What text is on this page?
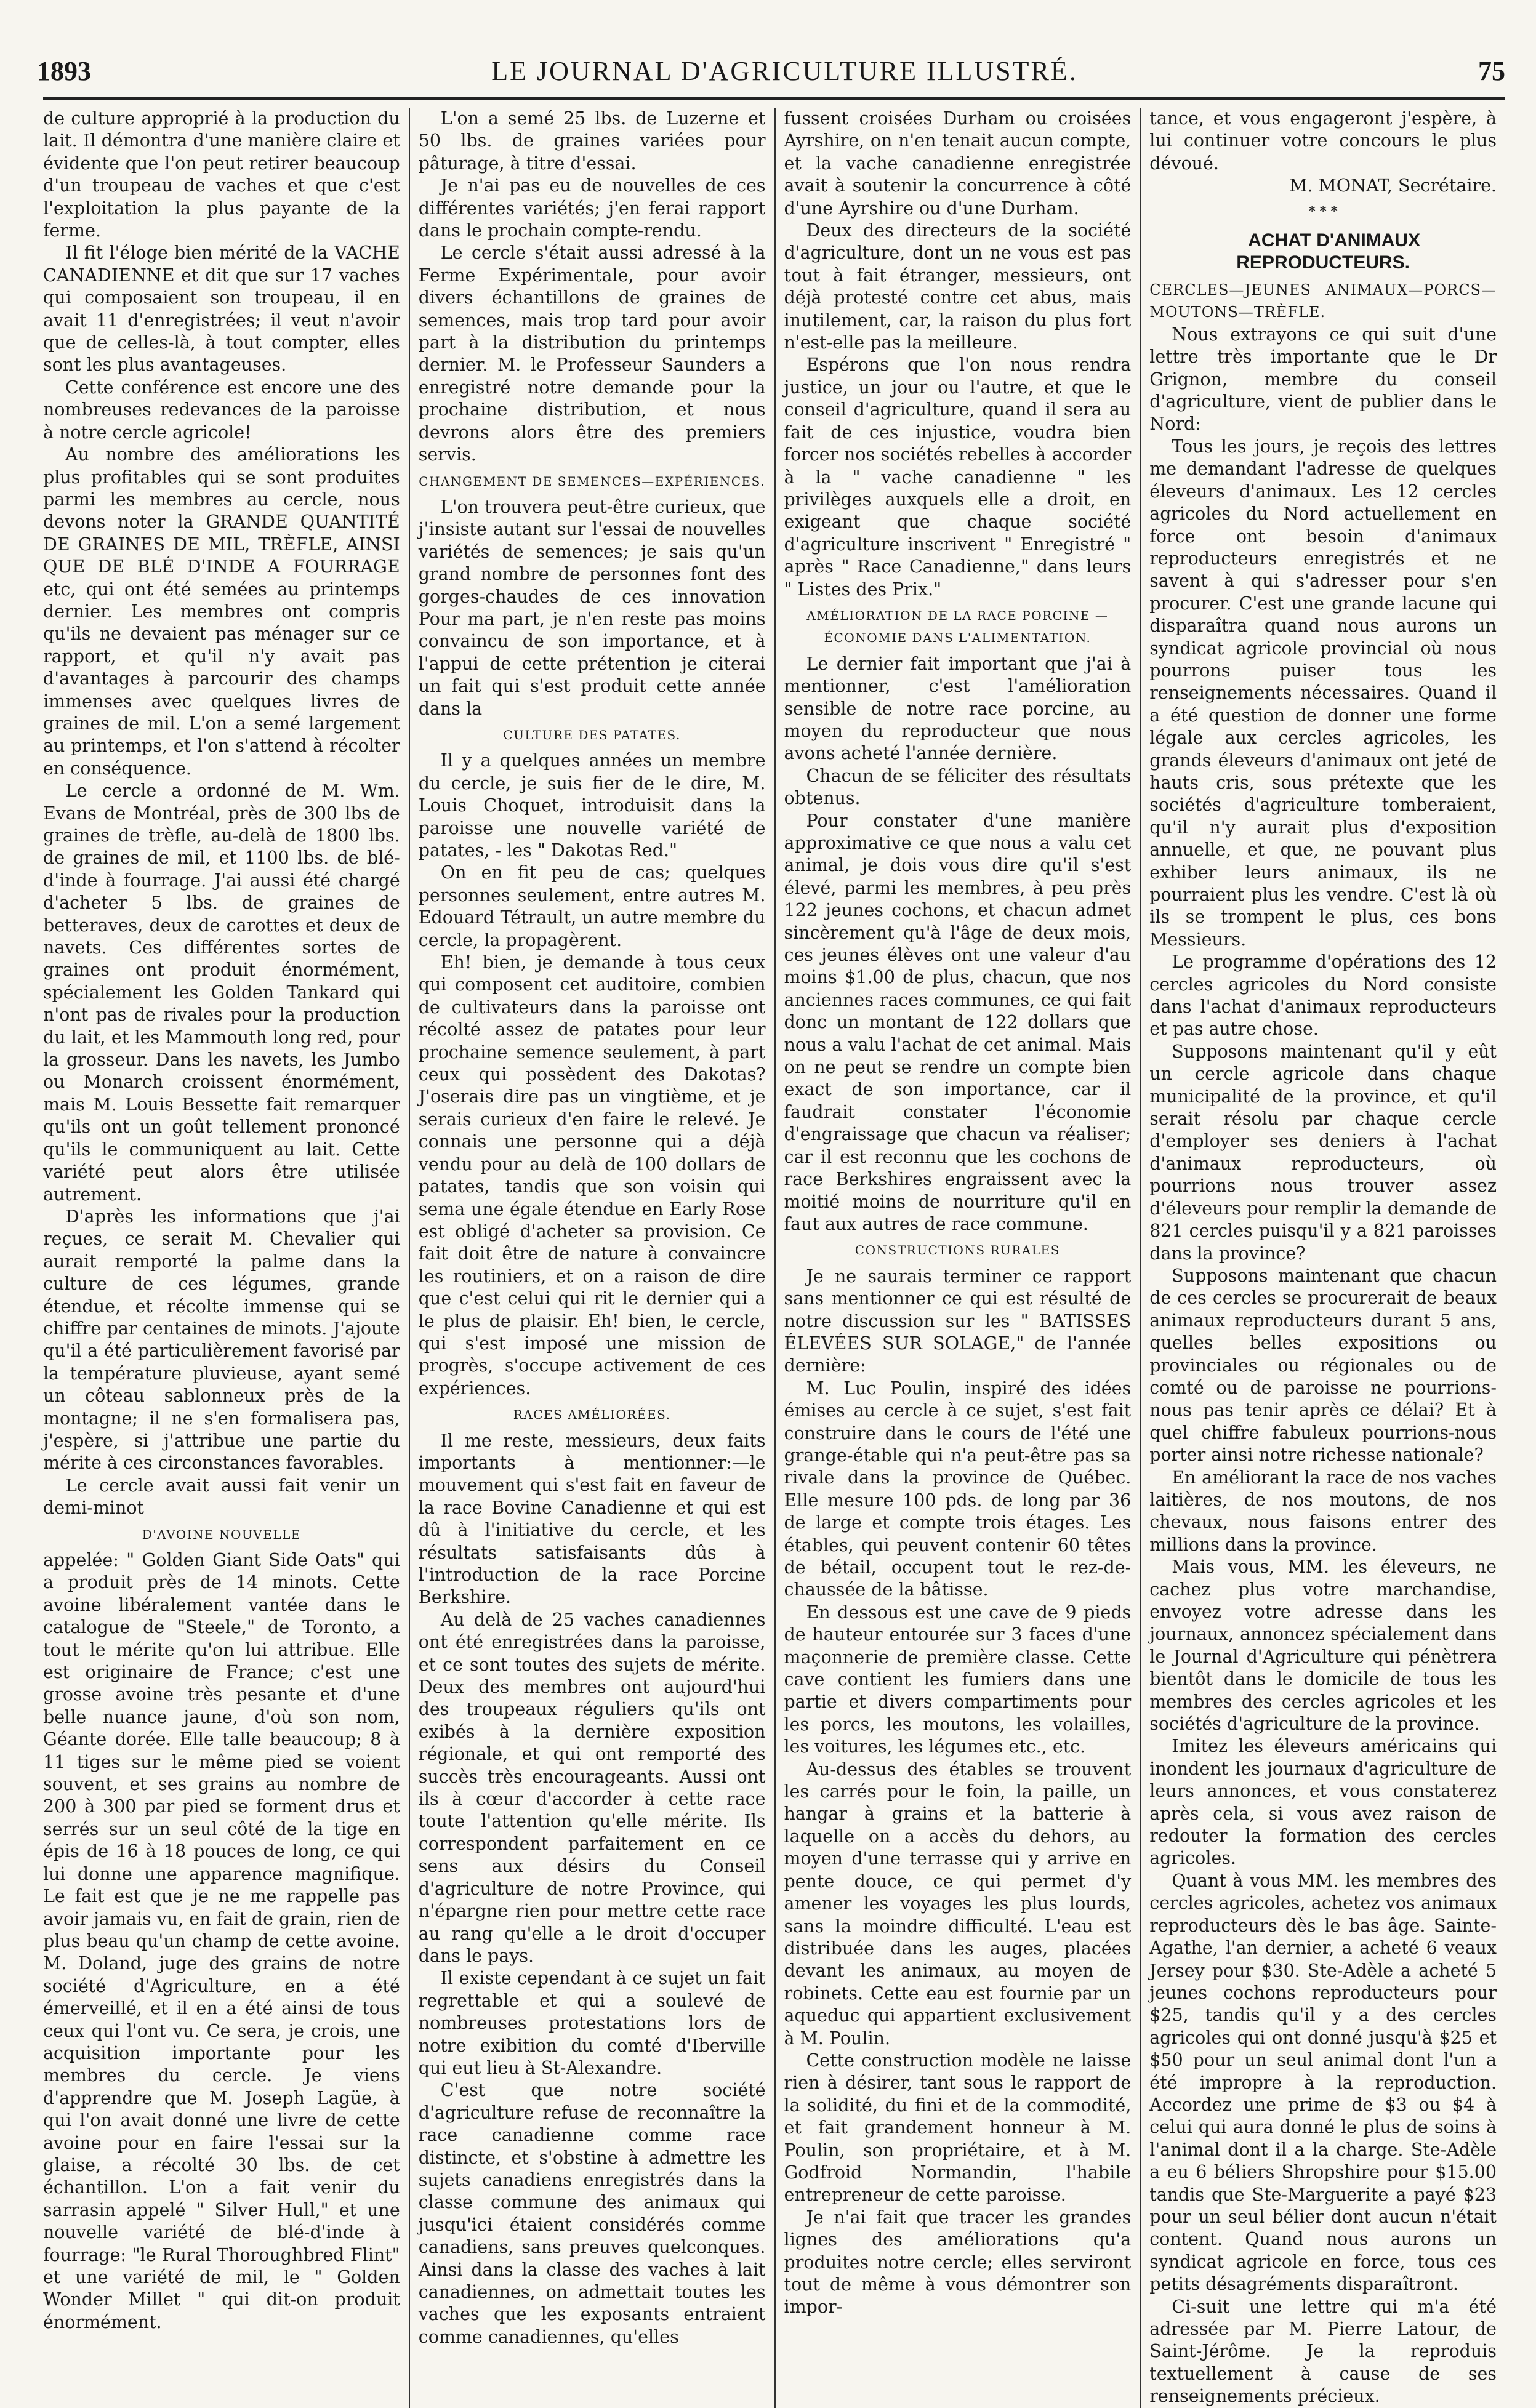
1893	LE JOURNAL D'AGRICULTURE ILLUSTRÉ.	75

de culture approprié à la production du lait. Il démontra d'une manière claire et évidente que l'on peut retirer beaucoup d'un troupeau de vaches et que c'est l'exploitation la plus payante de la ferme.

Il fit l'éloge bien mérité de la VACHE CANADIENNE et dit que sur 17 vaches qui composaient son troupeau, il en avait 11 d'enregistrées; il veut n'avoir que de celles-là, à tout compter, elles sont les plus avantageuses.

Cette conférence est encore une des nombreuses redevances de la paroisse à notre cercle agricole!

Au nombre des améliorations les plus profitables qui se sont produites parmi les membres au cercle, nous devons noter la GRANDE QUANTITÉ DE GRAINES DE MIL, TRÈFLE, AINSI QUE DE BLÉ D'INDE A FOURRAGE etc, qui ont été semées au printemps dernier. Les membres ont compris qu'ils ne devaient pas ménager sur ce rapport, et qu'il n'y avait pas d'avantages à parcourir des champs immenses avec quelques livres de graines de mil. L'on a semé largement au printemps, et l'on s'attend à récolter en conséquence.

Le cercle a ordonné de M. Wm. Evans de Montréal, près de 300 lbs de graines de trèfle, au-delà de 1800 lbs. de graines de mil, et 1100 lbs. de blé-d'inde à fourrage. J'ai aussi été chargé d'acheter 5 lbs. de graines de betteraves, deux de carottes et deux de navets. Ces différentes sortes de graines ont produit énormément, spécialement les Golden Tankard qui n'ont pas de rivales pour la production du lait, et les Mammouth long red, pour la grosseur. Dans les navets, les Jumbo ou Monarch croissent énormément, mais M. Louis Bessette fait remarquer qu'ils ont un goût tellement prononcé qu'ils le communiquent au lait. Cette variété peut alors être utilisée autrement.

D'après les informations que j'ai reçues, ce serait M. Chevalier qui aurait remporté la palme dans la culture de ces légumes, grande étendue, et récolte immense qui se chiffre par centaines de minots. J'ajoute qu'il a été particulièrement favorisé par la température pluvieuse, ayant semé un côteau sablonneux près de la montagne; il ne s'en formalisera pas, j'espère, si j'attribue une partie du mérite à ces circonstances favorables.

Le cercle avait aussi fait venir un demi-minot

D'AVOINE NOUVELLE

appelée: " Golden Giant Side Oats" qui a produit près de 14 minots. Cette avoine libéralement vantée dans le catalogue de "Steele," de Toronto, a tout le mérite qu'on lui attribue. Elle est originaire de France; c'est une grosse avoine très pesante et d'une belle nuance jaune, d'où son nom, Géante dorée. Elle talle beaucoup; 8 à 11 tiges sur le même pied se voient souvent, et ses grains au nombre de 200 à 300 par pied se forment drus et serrés sur un seul côté de la tige en épis de 16 à 18 pouces de long, ce qui lui donne une apparence magnifique. Le fait est que je ne me rappelle pas avoir jamais vu, en fait de grain, rien de plus beau qu'un champ de cette avoine. M. Doland, juge des grains de notre société d'Agriculture, en a été émerveillé, et il en a été ainsi de tous ceux qui l'ont vu. Ce sera, je crois, une acquisition importante pour les membres du cercle. Je viens d'apprendre que M. Joseph Lagüe, à qui l'on avait donné une livre de cette avoine pour en faire l'essai sur la glaise, a récolté 30 lbs. de cet échantillon. L'on a fait venir du sarrasin appelé " Silver Hull," et une nouvelle variété de blé-d'inde à fourrage: "le Rural Thoroughbred Flint" et une variété de mil, le " Golden Wonder Millet " qui dit-on produit énormément.

L'on a semé 25 lbs. de Luzerne et 50 lbs. de graines variées pour pâturage, à titre d'essai.

Je n'ai pas eu de nouvelles de ces différentes variétés; j'en ferai rapport dans le prochain compte-rendu.

Le cercle s'était aussi adressé à la Ferme Expérimentale, pour avoir divers échantillons de graines de semences, mais trop tard pour avoir part à la distribution du printemps dernier. M. le Professeur Saunders a enregistré notre demande pour la prochaine distribution, et nous devrons alors être des premiers servis.

CHANGEMENT DE SEMENCES—EXPÉRIENCES.

L'on trouvera peut-être curieux, que j'insiste autant sur l'essai de nouvelles variétés de semences; je sais qu'un grand nombre de personnes font des gorges-chaudes de ces innovation Pour ma part, je n'en reste pas moins convaincu de son importance, et à l'appui de cette prétention je citerai un fait qui s'est produit cette année dans la

CULTURE DES PATATES.

Il y a quelques années un membre du cercle, je suis fier de le dire, M. Louis Choquet, introduisit dans la paroisse une nouvelle variété de patates, - les " Dakotas Red."

On en fit peu de cas; quelques personnes seulement, entre autres M. Edouard Tétrault, un autre membre du cercle, la propagèrent.

Eh! bien, je demande à tous ceux qui composent cet auditoire, combien de cultivateurs dans la paroisse ont récolté assez de patates pour leur prochaine semence seulement, à part ceux qui possèdent des Dakotas? J'oserais dire pas un vingtième, et je serais curieux d'en faire le relevé. Je connais une personne qui a déjà vendu pour au delà de 100 dollars de patates, tandis que son voisin qui sema une égale étendue en Early Rose est obligé d'acheter sa provision. Ce fait doit être de nature à convaincre les routiniers, et on a raison de dire que c'est celui qui rit le dernier qui a le plus de plaisir. Eh! bien, le cercle, qui s'est imposé une mission de progrès, s'occupe activement de ces expériences.

RACES AMÉLIORÉES.

Il me reste, messieurs, deux faits importants à mentionner:—le mouvement qui s'est fait en faveur de la race Bovine Canadienne et qui est dû à l'initiative du cercle, et les résultats satisfaisants dûs à l'introduction de la race Porcine Berkshire.

Au delà de 25 vaches canadiennes ont été enregistrées dans la paroisse, et ce sont toutes des sujets de mérite. Deux des membres ont aujourd'hui des troupeaux réguliers qu'ils ont exibés à la dernière exposition régionale, et qui ont remporté des succès très encourageants. Aussi ont ils à cœur d'accorder à cette race toute l'attention qu'elle mérite. Ils correspondent parfaitement en ce sens aux désirs du Conseil d'agriculture de notre Province, qui n'épargne rien pour mettre cette race au rang qu'elle a le droit d'occuper dans le pays.

Il existe cependant à ce sujet un fait regrettable et qui a soulevé de nombreuses protestations lors de notre exibition du comté d'Iberville qui eut lieu à St-Alexandre.

C'est que notre société d'agriculture refuse de reconnaître la race canadienne comme race distincte, et s'obstine à admettre les sujets canadiens enregistrés dans la classe commune des animaux qui jusqu'ici étaient considérés comme canadiens, sans preuves quelconques. Ainsi dans la classe des vaches à lait canadiennes, on admettait toutes les vaches que les exposants entraient comme canadiennes, qu'elles

fussent croisées Durham ou croisées Ayrshire, on n'en tenait aucun compte, et la vache canadienne enregistrée avait à soutenir la concurrence à côté d'une Ayrshire ou d'une Durham.

Deux des directeurs de la société d'agriculture, dont un ne vous est pas tout à fait étranger, messieurs, ont déjà protesté contre cet abus, mais inutilement, car, la raison du plus fort n'est-elle pas la meilleure.

Espérons que l'on nous rendra justice, un jour ou l'autre, et que le conseil d'agriculture, quand il sera au fait de ces injustice, voudra bien forcer nos sociétés rebelles à accorder à la " vache canadienne " les privilèges auxquels elle a droit, en exigeant que chaque société d'agriculture inscrivent " Enregistré " après " Race Canadienne," dans leurs " Listes des Prix."

AMÉLIORATION DE LA RACE PORCINE — ÉCONOMIE DANS L'ALIMENTATION.

Le dernier fait important que j'ai à mentionner, c'est l'amélioration sensible de notre race porcine, au moyen du reproducteur que nous avons acheté l'année dernière.

Chacun de se féliciter des résultats obtenus.

Pour constater d'une manière approximative ce que nous a valu cet animal, je dois vous dire qu'il s'est élevé, parmi les membres, à peu près 122 jeunes cochons, et chacun admet sincèrement qu'à l'âge de deux mois, ces jeunes élèves ont une valeur d'au moins $1.00 de plus, chacun, que nos anciennes races communes, ce qui fait donc un montant de 122 dollars que nous a valu l'achat de cet animal. Mais on ne peut se rendre un compte bien exact de son importance, car il faudrait constater l'économie d'engraissage que chacun va réaliser; car il est reconnu que les cochons de race Berkshires engraissent avec la moitié moins de nourriture qu'il en faut aux autres de race commune.

CONSTRUCTIONS RURALES

Je ne saurais terminer ce rapport sans mentionner ce qui est résulté de notre discussion sur les " BATISSES ÉLEVÉES SUR SOLAGE," de l'année dernière:

M. Luc Poulin, inspiré des idées émises au cercle à ce sujet, s'est fait construire dans le cours de l'été une grange-étable qui n'a peut-être pas sa rivale dans la province de Québec. Elle mesure 100 pds. de long par 36 de large et compte trois étages. Les étables, qui peuvent contenir 60 têtes de bétail, occupent tout le rez-de-chaussée de la bâtisse.

En dessous est une cave de 9 pieds de hauteur entourée sur 3 faces d'une maçonnerie de première classe. Cette cave contient les fumiers dans une partie et divers compartiments pour les porcs, les moutons, les volailles, les voitures, les légumes etc., etc.

Au-dessus des étables se trouvent les carrés pour le foin, la paille, un hangar à grains et la batterie à laquelle on a accès du dehors, au moyen d'une terrasse qui y arrive en pente douce, ce qui permet d'y amener les voyages les plus lourds, sans la moindre difficulté. L'eau est distribuée dans les auges, placées devant les animaux, au moyen de robinets. Cette eau est fournie par un aqueduc qui appartient exclusivement à M. Poulin.

Cette construction modèle ne laisse rien à désirer, tant sous le rapport de la solidité, du fini et de la commodité, et fait grandement honneur à M. Poulin, son propriétaire, et à M. Godfroid Normandin, l'habile entrepreneur de cette paroisse.

Je n'ai fait que tracer les grandes lignes des améliorations qu'a produites notre cercle; elles serviront tout de même à vous démontrer son impor-

tance, et vous engageront j'espère, à lui continuer votre concours le plus dévoué.

M. MONAT, Secrétaire.

* * *

ACHAT D'ANIMAUX REPRODUCTEURS.

CERCLES—JEUNES ANIMAUX—PORCS—MOUTONS—TRÈFLE.

Nous extrayons ce qui suit d'une lettre très importante que le Dr Grignon, membre du conseil d'agriculture, vient de publier dans le Nord:

Tous les jours, je reçois des lettres me demandant l'adresse de quelques éleveurs d'animaux. Les 12 cercles agricoles du Nord actuellement en force ont besoin d'animaux reproducteurs enregistrés et ne savent à qui s'adresser pour s'en procurer. C'est une grande lacune qui disparaîtra quand nous aurons un syndicat agricole provincial où nous pourrons puiser tous les renseignements nécessaires. Quand il a été question de donner une forme légale aux cercles agricoles, les grands éleveurs d'animaux ont jeté de hauts cris, sous prétexte que les sociétés d'agriculture tomberaient, qu'il n'y aurait plus d'exposition annuelle, et que, ne pouvant plus exhiber leurs animaux, ils ne pourraient plus les vendre. C'est là où ils se trompent le plus, ces bons Messieurs.

Le programme d'opérations des 12 cercles agricoles du Nord consiste dans l'achat d'animaux reproducteurs et pas autre chose.

Supposons maintenant qu'il y eût un cercle agricole dans chaque municipalité de la province, et qu'il serait résolu par chaque cercle d'employer ses deniers à l'achat d'animaux reproducteurs, où pourrions nous trouver assez d'éleveurs pour remplir la demande de 821 cercles puisqu'il y a 821 paroisses dans la province?

Supposons maintenant que chacun de ces cercles se procurerait de beaux animaux reproducteurs durant 5 ans, quelles belles expositions ou provinciales ou régionales ou de comté ou de paroisse ne pourrions-nous pas tenir après ce délai? Et à quel chiffre fabuleux pourrions-nous porter ainsi notre richesse nationale?

En améliorant la race de nos vaches laitières, de nos moutons, de nos chevaux, nous faisons entrer des millions dans la province.

Mais vous, MM. les éleveurs, ne cachez plus votre marchandise, envoyez votre adresse dans les journaux, annoncez spécialement dans le Journal d'Agriculture qui pénètrera bientôt dans le domicile de tous les membres des cercles agricoles et les sociétés d'agriculture de la province.

Imitez les éleveurs américains qui inondent les journaux d'agriculture de leurs annonces, et vous constaterez après cela, si vous avez raison de redouter la formation des cercles agricoles.

Quant à vous MM. les membres des cercles agricoles, achetez vos animaux reproducteurs dès le bas âge. Sainte-Agathe, l'an dernier, a acheté 6 veaux Jersey pour $30. Ste-Adèle a acheté 5 jeunes cochons reproducteurs pour $25, tandis qu'il y a des cercles agricoles qui ont donné jusqu'à $25 et $50 pour un seul animal dont l'un a été impropre à la reproduction. Accordez une prime de $3 ou $4 à celui qui aura donné le plus de soins à l'animal dont il a la charge. Ste-Adèle a eu 6 béliers Shropshire pour $15.00 tandis que Ste-Marguerite a payé $23 pour un seul bélier dont aucun n'était content. Quand nous aurons un syndicat agricole en force, tous ces petits désagréments disparaîtront.

Ci-suit une lettre qui m'a été adressée par M. Pierre Latour, de Saint-Jérôme. Je la reproduis textuellement à cause de ses renseignements précieux.
